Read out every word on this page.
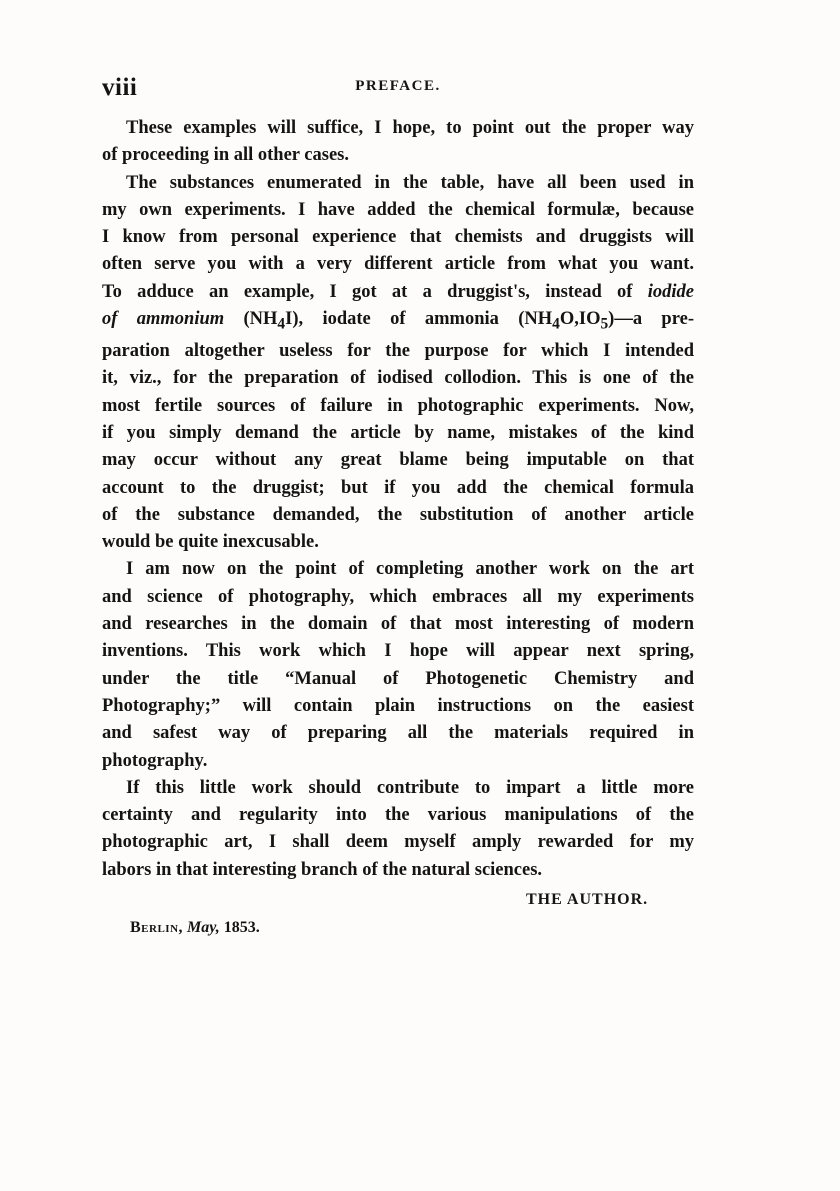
viii	PREFACE.

These examples will suffice, I hope, to point out the proper way
of proceeding in all other cases.

The substances enumerated in the table, have all been used in
my own experiments. I have added the chemical formulæ, because
I know from personal experience that chemists and druggists will
often serve you with a very different article from what you want.
To adduce an example, I got at a druggist's, instead of iodide
of ammonium $(NH_4I)$, iodate of ammonia $(NH_4O,IO_5)—a$ pre-
paration altogether useless for the purpose for which I intended
it, viz., for the preparation of iodised collodion. This is one of the
most fertile sources of failure in photographic experiments. Now,
if you simply demand the article by name, mistakes of the kind
may occur without any great blame being imputable on that
account to the druggist; but if you add the chemical formula
of the substance demanded, the substitution of another article
would be quite inexcusable.

I am now on the point of completing another work on the art
and science of photography, which embraces all my experiments
and researches in the domain of that most interesting of modern
inventions. This work which I hope will appear next spring,
under the title “Manual of Photogenetic Chemistry and
Photography;” will contain plain instructions on the easiest
and safest way of preparing all the materials required in
photography.

If this little work should contribute to impart a little more
certainty and regularity into the various manipulations of the
photographic art, I shall deem myself amply rewarded for my
labors in that interesting branch of the natural sciences.

THE AUTHOR.
Berlin, May, 1853.
